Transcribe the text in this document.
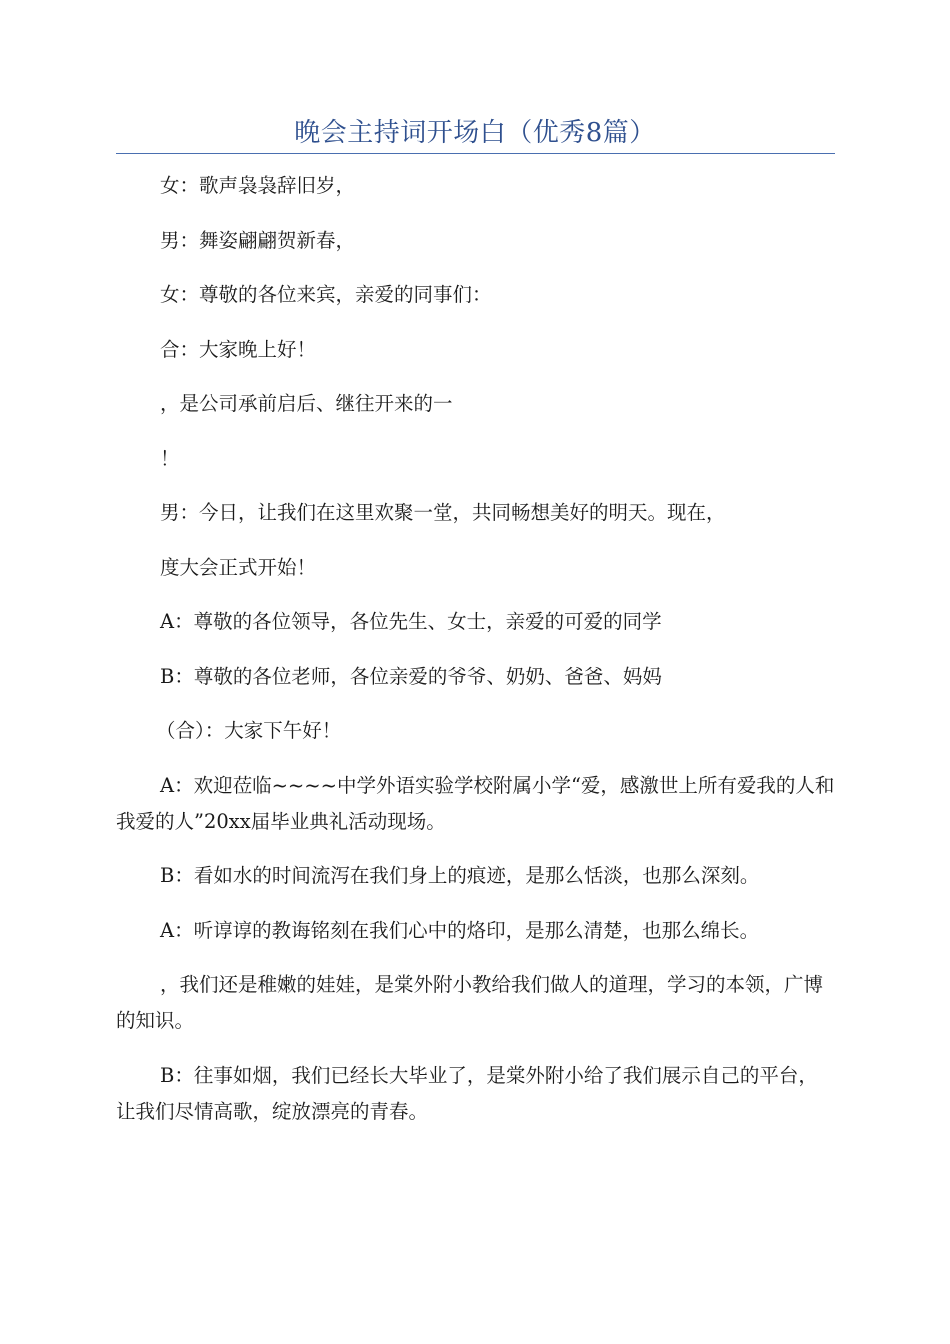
晚会主持词开场白（优秀8篇）

女：歌声袅袅辞旧岁，

男：舞姿翩翩贺新春，

女：尊敬的各位来宾，亲爱的同事们：

合：大家晚上好！

，是公司承前启后、继往开来的一

！

男：今日，让我们在这里欢聚一堂，共同畅想美好的明天。现在，

度大会正式开始！

A：尊敬的各位领导，各位先生、女士，亲爱的可爱的同学

B：尊敬的各位老师，各位亲爱的爷爷、奶奶、爸爸、妈妈

（合）：大家下午好！

A：欢迎莅临~~~~中学外语实验学校附属小学“爱，感激世上所有爱我的人和我爱的人”20xx届毕业典礼活动现场。

B：看如水的时间流泻在我们身上的痕迹，是那么恬淡，也那么深刻。

A：听谆谆的教诲铭刻在我们心中的烙印，是那么清楚，也那么绵长。

，我们还是稚嫩的娃娃，是棠外附小教给我们做人的道理，学习的本领，广博的知识。

B：往事如烟，我们已经长大毕业了，是棠外附小给了我们展示自己的平台，让我们尽情高歌，绽放漂亮的青春。
